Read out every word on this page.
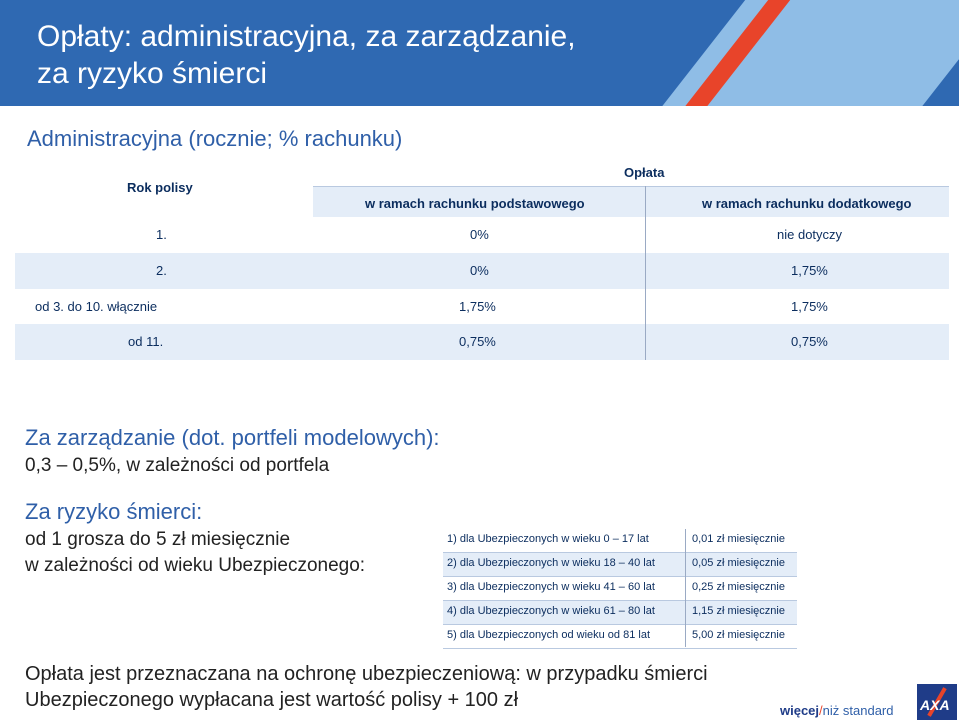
Opłaty: administracyjna, za zarządzanie,
za ryzyko śmierci
Administracyjna (rocznie; % rachunku)
Rok polisy
Opłata
w ramach rachunku podstawowego	w ramach rachunku dodatkowego
1.	0%	nie dotyczy
2.	0%	1,75%
od 3. do 10. włącznie	1,75%	1,75%
od 11.	0,75%	0,75%
Za zarządzanie (dot. portfeli modelowych):
0,3 – 0,5%, w zależności od portfela
Za ryzyko śmierci:
od 1 grosza do 5 zł miesięcznie
w zależności od wieku Ubezpieczonego:
1) dla Ubezpieczonych w wieku 0 – 17 lat	0,01 zł miesięcznie
2) dla Ubezpieczonych w wieku 18 – 40 lat	0,05 zł miesięcznie
3) dla Ubezpieczonych w wieku 41 – 60 lat	0,25 zł miesięcznie
4) dla Ubezpieczonych w wieku 61 – 80 lat	1,15 zł miesięcznie
5) dla Ubezpieczonych od wieku od 81 lat	5,00 zł miesięcznie
Opłata jest przeznaczana na ochronę ubezpieczeniową: w przypadku śmierci
Ubezpieczonego wypłacana jest wartość polisy + 100 zł	więcej/niż standard AXA
